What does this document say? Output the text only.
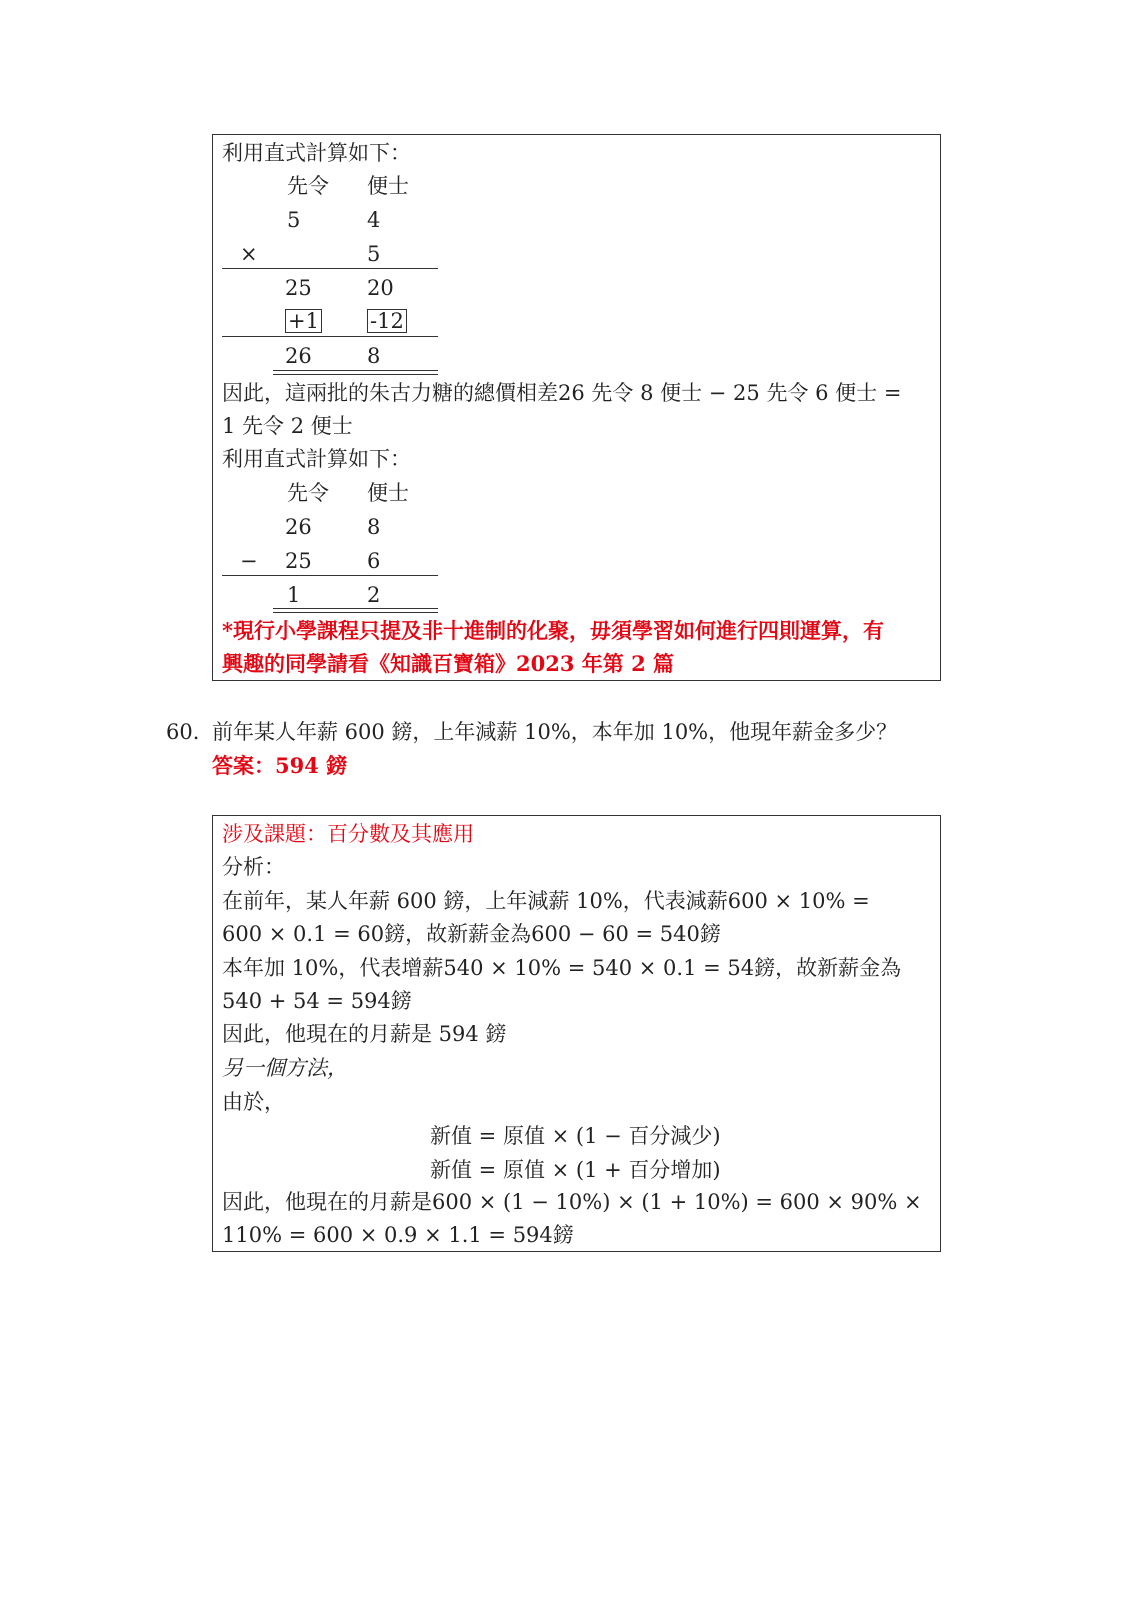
利用直式計算如下：
先令 便士
5	4
×	5
25	20
+1 -12
26	8
因此，這兩批的朱古力糖的總價相差26 先令 8 便士 − 25 先令 6 便士 =
1 先令 2 便士
利用直式計算如下：
先令 便士
26	8
− 25	6
1	2
*現行小學課程只提及非十進制的化聚，毋須學習如何進行四則運算，有
興趣的同學請看《知識百寶箱》2023 年第 2 篇
60. 前年某人年薪 600 鎊，上年減薪 10%，本年加 10%，他現年薪金多少？
答案：594 鎊
涉及課題：百分數及其應用
分析：
在前年，某人年薪 600 鎊，上年減薪 10%，代表減薪600 × 10% =
600 × 0.1 = 60鎊，故新薪金為600 − 60 = 540鎊
本年加 10%，代表增薪540 × 10% = 540 × 0.1 = 54鎊，故新薪金為
540 + 54 = 594鎊
因此，他現在的月薪是 594 鎊
另一個方法，
由於，
新值 = 原值 × (1 − 百分減少)
新值 = 原值 × (1 + 百分增加)
因此，他現在的月薪是600 × (1 − 10%) × (1 + 10%) = 600 × 90% ×
110% = 600 × 0.9 × 1.1 = 594鎊
